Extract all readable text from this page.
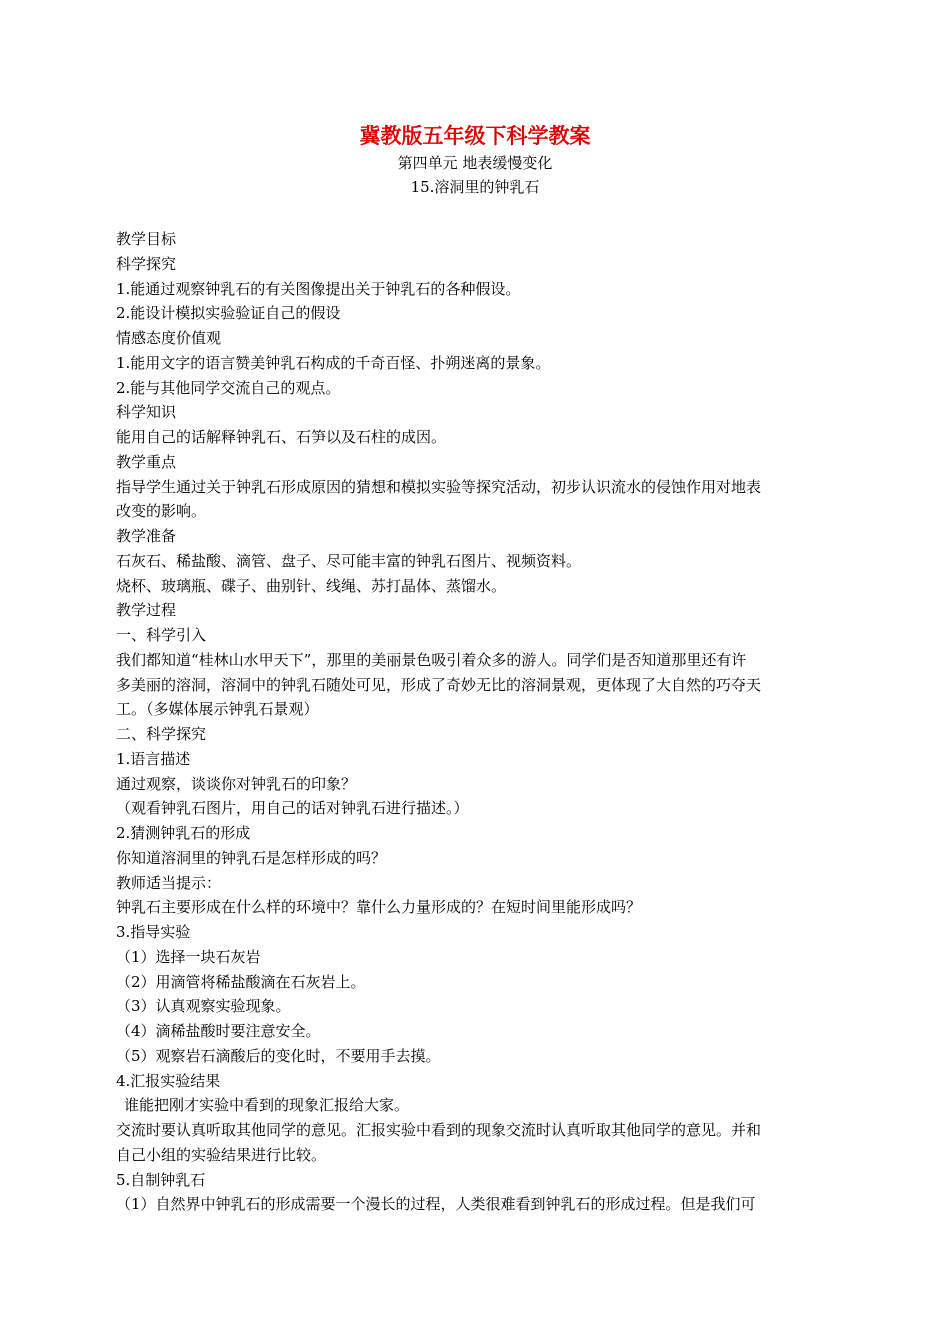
冀教版五年级下科学教案
第四单元 地表缓慢变化
15.溶洞里的钟乳石
教学目标
科学探究
1.能通过观察钟乳石的有关图像提出关于钟乳石的各种假设。
2.能设计模拟实验验证自己的假设
情感态度价值观
1.能用文字的语言赞美钟乳石构成的千奇百怪、扑朔迷离的景象。
2.能与其他同学交流自己的观点。
科学知识
能用自己的话解释钟乳石、石笋以及石柱的成因。
教学重点
指导学生通过关于钟乳石形成原因的猜想和模拟实验等探究活动，初步认识流水的侵蚀作用对地表
改变的影响。
教学准备
石灰石、稀盐酸、滴管、盘子、尽可能丰富的钟乳石图片、视频资料。
烧杯、玻璃瓶、碟子、曲别针、线绳、苏打晶体、蒸馏水。
教学过程
一、科学引入
我们都知道“桂林山水甲天下”，那里的美丽景色吸引着众多的游人。同学们是否知道那里还有许
多美丽的溶洞，溶洞中的钟乳石随处可见，形成了奇妙无比的溶洞景观，更体现了大自然的巧夺天
工。（多媒体展示钟乳石景观）
二、科学探究
1.语言描述
通过观察，谈谈你对钟乳石的印象？
（观看钟乳石图片，用自己的话对钟乳石进行描述。）
2.猜测钟乳石的形成
你知道溶洞里的钟乳石是怎样形成的吗？
教师适当提示：
钟乳石主要形成在什么样的环境中？靠什么力量形成的？在短时间里能形成吗？
3.指导实验
（1）选择一块石灰岩
（2）用滴管将稀盐酸滴在石灰岩上。
（3）认真观察实验现象。
（4）滴稀盐酸时要注意安全。
（5）观察岩石滴酸后的变化时，不要用手去摸。
4.汇报实验结果
谁能把刚才实验中看到的现象汇报给大家。
交流时要认真听取其他同学的意见。汇报实验中看到的现象交流时认真听取其他同学的意见。并和
自己小组的实验结果进行比较。
5.自制钟乳石
（1）自然界中钟乳石的形成需要一个漫长的过程，人类很难看到钟乳石的形成过程。但是我们可
